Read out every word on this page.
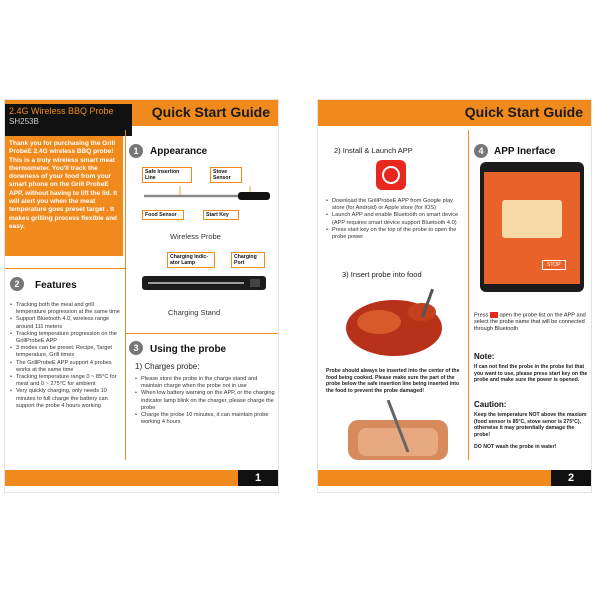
2.4G Wireless BBQ Probe
SH253B
Quick Start Guide
Thank you for purchasing the Grill ProbeE 2.4G wireless BBQ probe! This is a truly wireless smart meat thermometer. You'll track the doneness of your food from your smart phone on the Grill ProbeE APP, without having to lift the lid. It will alert you when the meat temperature goes preset target . It makes grilling process flexible and easy.
1	Appearance
Safe Insertion Line
Stove Sensor
Food Sensor	Start Key
Wireless Probe
Charging Indic- ator Lamp
Charging Port
Charging Stand
2	Features
• Tracking both the meal and grill temperature progression at the same time
• Support Bluetooth 4.0, wireless range around 111 meters
• Tracking temperature progression on the GrillProbeE APP
• 3 modes can be preset: Recipe, Target temperature, Grill times
• The GrillProbeE APP support 4 probes works at the same time
• Tracking temperature range 0 ~ 85°C for meat and 0 ~ 275°C for ambient
• Very quickly charging, only needs 10 minutes to full charge the battery can support the probe 4 hours working
3	Using the probe
1) Charges probe:
• Please store the probe in the charge stand and maintain charge when the probe not in use
• When low battery warning on the APP, or the charging indicator lamp blink on the charger, please charge the probe
• Charge the probe 10 minutes, it can maintain probe working 4 hours
1
Quick Start Guide
2) Install & Launch APP
• Download the GrillProbeE APP from Google play store (for Android) or Apple store (for IOS)
• Launch APP and enable Bluetooth on smart device (APP requires smart device support Bluetooth 4.0)
• Press start key on the top of the probe to open the probe power
3) Insert probe into food
Probe should always be inserted into the center of the food being cooked. Please make sure the part of the probe below the safe insertion line being inserted into the food to prevent the probe damaged!
4	APP Inerface
STOP
Press open the probe list on the APP and select the probe name that will be connected through Bluetooth
Note:
If can not find the probe in the probe list that you want to use, please press start key on the probe and make sure the power is opened.
Caution:
Keep the temperature NOT above the maxium (food sensor is 85°C, stove senor is 275°C), otherwise it may protentially damage the probe!
DO NOT wash the probe in water!
2
